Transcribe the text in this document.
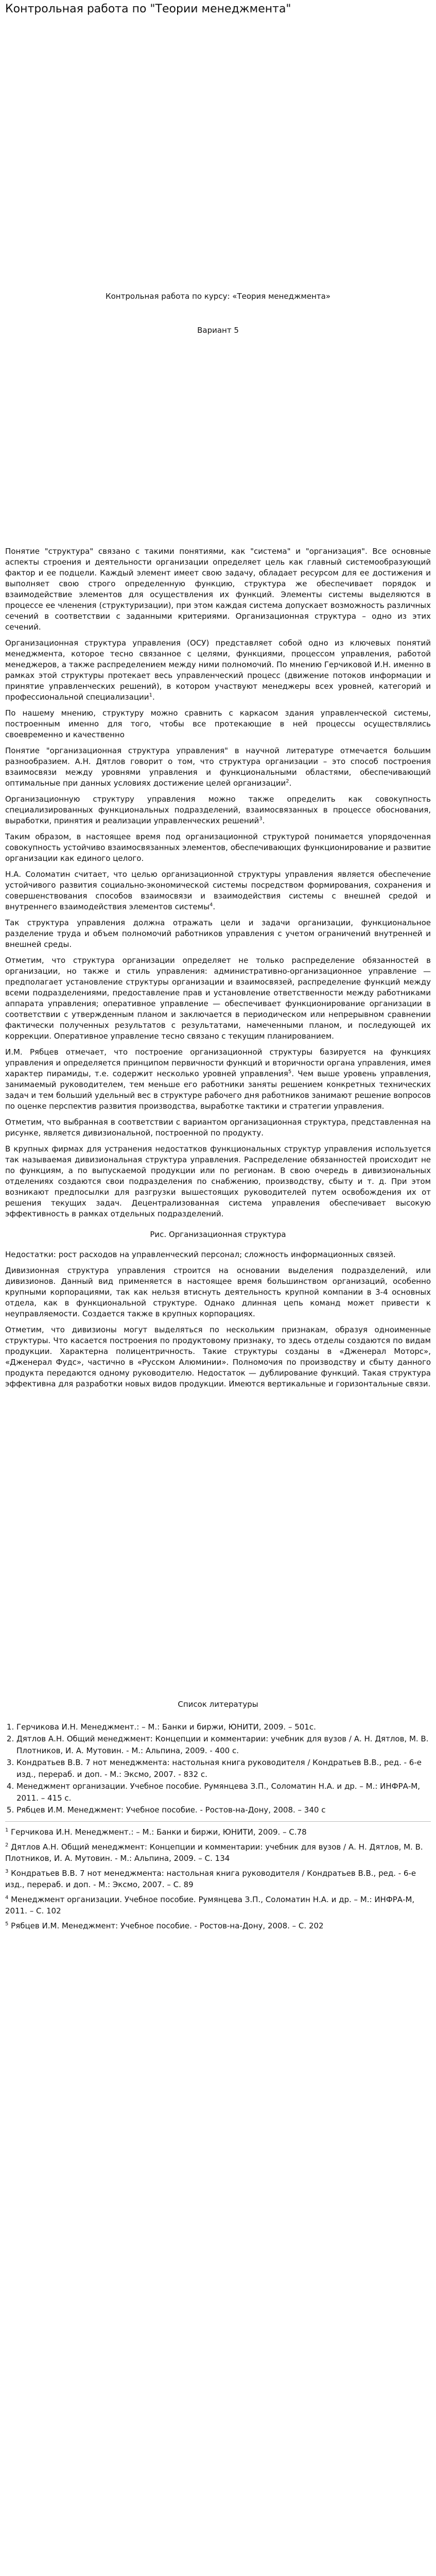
Контрольная работа по "Теории менеджмента"
Контрольная работа по курсу: «Теория менеджмента»
Вариант 5

Понятие "структура" связано с такими понятиями, как "система" и "организация". Все основные аспекты строения и деятельности организации определяет цель как главный системообразующий фактор и ее подцели. Каждый элемент имеет свою задачу, обладает ресурсом для ее достижения и выполняет свою строго определенную функцию, структура же обеспечивает порядок и взаимодействие элементов для осуществления их функций. Элементы системы выделяются в процессе ее членения (структуризации), при этом каждая система допускает возможность различных сечений в соответствии с заданными критериями. Организационная структура – одно из этих сечений.

Организационная структура управления (ОСУ) представляет собой одно из ключевых понятий менеджмента, которое тесно связанное с целями, функциями, процессом управления, работой менеджеров, а также распределением между ними полномочий. По мнению Герчиковой И.Н. именно в рамках этой структуры протекает весь управленческий процесс (движение потоков информации и принятие управленческих решений), в котором участвуют менеджеры всех уровней, категорий и профессиональной специализации$^1$.

По нашему мнению, структуру можно сравнить с каркасом здания управленческой системы, построенным именно для того, чтобы все протекающие в ней процессы осуществлялись своевременно и качественно

Понятие "организационная структура управления" в научной литературе отмечается большим разнообразием. А.Н. Дятлов говорит о том, что структура организации – это способ построения взаимосвязи между уровнями управления и функциональными областями, обеспечивающий оптимальные при данных условиях достижение целей организации$^2$.

Организационную структуру управления можно также определить как совокупность специализированных функциональных подразделений, взаимосвязанных в процессе обоснования, выработки, принятия и реализации управленческих решений$^3$.

Таким образом, в настоящее время под организационной структурой понимается упорядоченная совокупность устойчиво взаимосвязанных элементов, обеспечивающих функционирование и развитие организации как единого целого.

Н.А. Соломатин считает, что целью организационной структуры управления является обеспечение устойчивого развития социально-экономической системы посредством формирования, сохранения и совершенствования способов взаимосвязи и взаимодействия системы с внешней средой и внутреннего взаимодействия элементов системы$^4$.

Так структура управления должна отражать цели и задачи организации, функциональное разделение труда и объем полномочий работников управления с учетом ограничений внутренней и внешней среды.

Отметим, что структура организации определяет не только распределение обязанностей в организации, но также и стиль управления: административно-организационное управление — предполагает установление структуры организации и взаимосвязей, распределение функций между всеми подразделениями, предоставление прав и установление ответственности между работниками аппарата управления; оперативное управление — обеспечивает функционирование организации в соответствии с утвержденным планом и заключается в периодическом или непрерывном сравнении фактически полученных результатов с результатами, намеченными планом, и последующей их коррекции. Оперативное управление тесно связано с текущим планированием.

И.М. Рябцев отмечает, что построение организационной структуры базируется на функциях управления и определяется принципом первичности функций и вторичности органа управления, имея характер пирамиды, т.е. содержит несколько уровней управления$^5$. Чем выше уровень управления, занимаемый руководителем, тем меньше его работники заняты решением конкретных технических задач и тем больший удельный вес в структуре рабочего дня работников занимают решение вопросов по оценке перспектив развития производства, выработке тактики и стратегии управления.

Отметим, что выбранная в соответствии с вариантом организационная структура, представленная на рисунке, является дивизиональной, построенной по продукту.

В крупных фирмах для устранения недостатков функциональных структур управления используется так называемая дивизиональная структура управления. Распределение обязанностей происходит не по функциям, а по выпускаемой продукции или по регионам. В свою очередь в дивизиональных отделениях создаются свои подразделения по снабжению, производству, сбыту и т. д. При этом возникают предпосылки для разгрузки вышестоящих руководителей путем освобождения их от решения текущих задач. Децентрализованная система управления обеспечивает высокую эффективность в рамках отдельных подразделений.

Рис. Организационная структура

Недостатки: рост расходов на управленческий персонал; сложность информационных связей.

Дивизионная структура управления строится на основании выделения подразделений, или дивизионов. Данный вид применяется в настоящее время большинством организаций, особенно крупными корпорациями, так как нельзя втиснуть деятельность крупной компании в 3-4 основных отдела, как в функциональной структуре. Однако длинная цепь команд может привести к неуправляемости. Создается также в крупных корпорациях.

Отметим, что дивизионы могут выделяться по нескольким признакам, образуя одноименные структуры. Что касается построения по продуктовому признаку, то здесь отделы создаются по видам продукции. Характерна полицентричность. Такие структуры созданы в «Дженерал Моторс», «Дженерал Фудс», частично в «Русском Алюминии». Полномочия по производству и сбыту данного продукта передаются одному руководителю. Недостаток — дублирование функций. Такая структура эффективна для разработки новых видов продукции. Имеются вертикальные и горизонтальные связи.

Список литературы
1. Герчикова И.Н. Менеджмент.: – М.: Банки и биржи, ЮНИТИ, 2009. – 501с.
2. Дятлов А.Н. Общий менеджмент: Концепции и комментарии: учебник для вузов / А. Н. Дятлов, М. В. Плотников, И. А. Мутовин. - М.: Альпина, 2009. - 400 с.
3. Кондратьев В.В. 7 нот менеджмента: настольная книга руководителя / Кондратьев В.В., ред. - 6-е изд., перераб. и доп. - М.: Эксмо, 2007. - 832 с.
4. Менеджмент организации. Учебное пособие. Румянцева З.П., Соломатин Н.А. и др. – М.: ИНФРА-М, 2011. – 415 с.
5. Рябцев И.М. Менеджмент: Учебное пособие. - Ростов-на-Дону, 2008. – 340 с
$^1$ Герчикова И.Н. Менеджмент.: – М.: Банки и биржи, ЮНИТИ, 2009. – С.78
$^2$ Дятлов А.Н. Общий менеджмент: Концепции и комментарии: учебник для вузов / А. Н. Дятлов, М. В. Плотников, И. А. Мутовин. - М.: Альпина, 2009. – С. 134
$^3$ Кондратьев В.В. 7 нот менеджмента: настольная книга руководителя / Кондратьев В.В., ред. - 6-е изд., перераб. и доп. - М.: Эксмо, 2007. – С. 89
$^4$ Менеджмент организации. Учебное пособие. Румянцева З.П., Соломатин Н.А. и др. – М.: ИНФРА-М, 2011. – С. 102
$^5$ Рябцев И.М. Менеджмент: Учебное пособие. - Ростов-на-Дону, 2008. – С. 202
